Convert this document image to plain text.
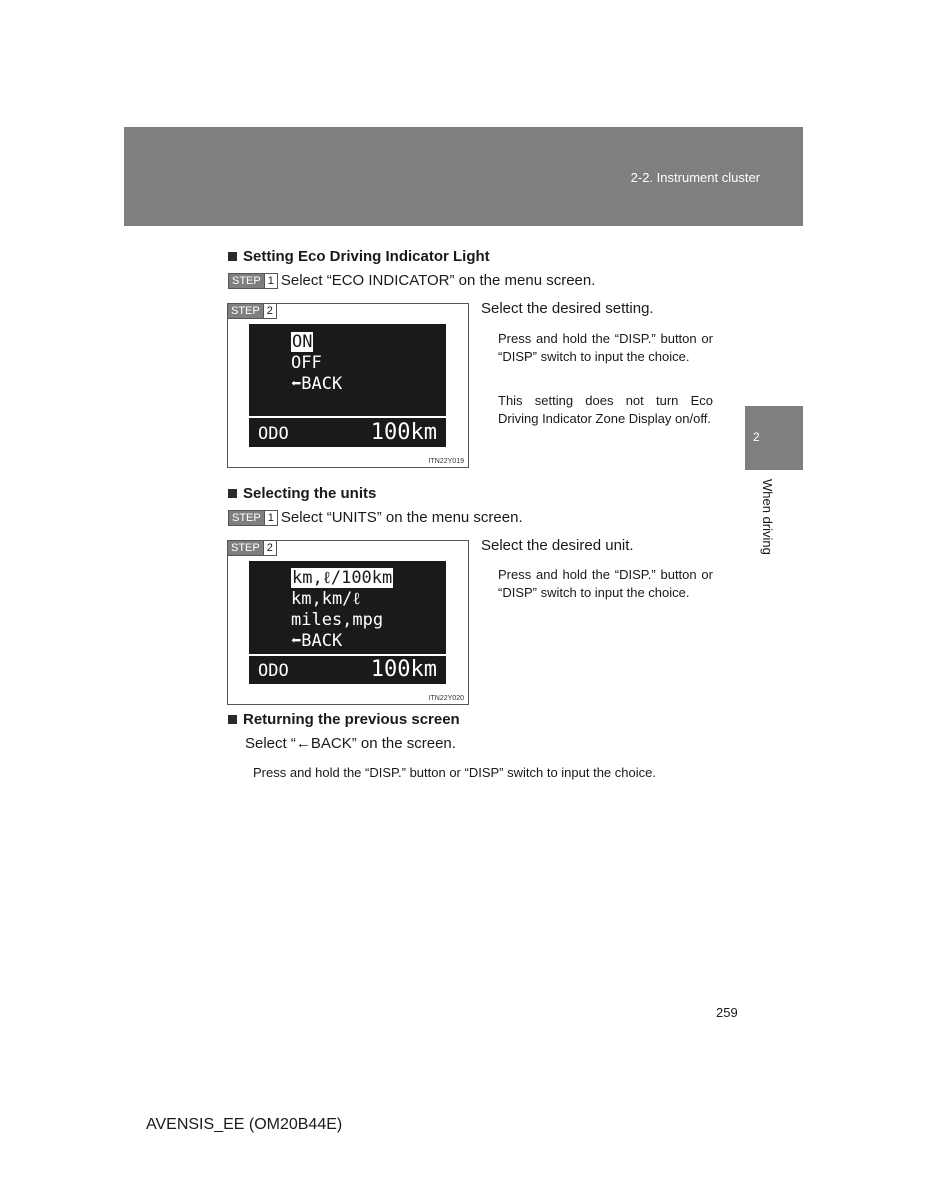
2-2. Instrument cluster
2
When driving
Setting Eco Driving Indicator Light
STEP 1 Select “ECO INDICATOR” on the menu screen.
STEP 2
ON
OFF
⬅BACK
ODO	100km
ITN22Y019
Select the desired setting.

Press and hold the “DISP.” button or “DISP” switch to input the choice.

This setting does not turn Eco Driving Indicator Zone Display on/off.

Selecting the units
STEP 1 Select “UNITS” on the menu screen.
STEP 2
km,ℓ/100km
km,km/ℓ
miles,mpg
⬅BACK
ODO	100km
ITN22Y020
Select the desired unit.

Press and hold the “DISP.” button or “DISP” switch to input the choice.

Returning the previous screen
Select “←BACK” on the screen.
Press and hold the “DISP.” button or “DISP” switch to input the choice.
259
AVENSIS_EE (OM20B44E)
